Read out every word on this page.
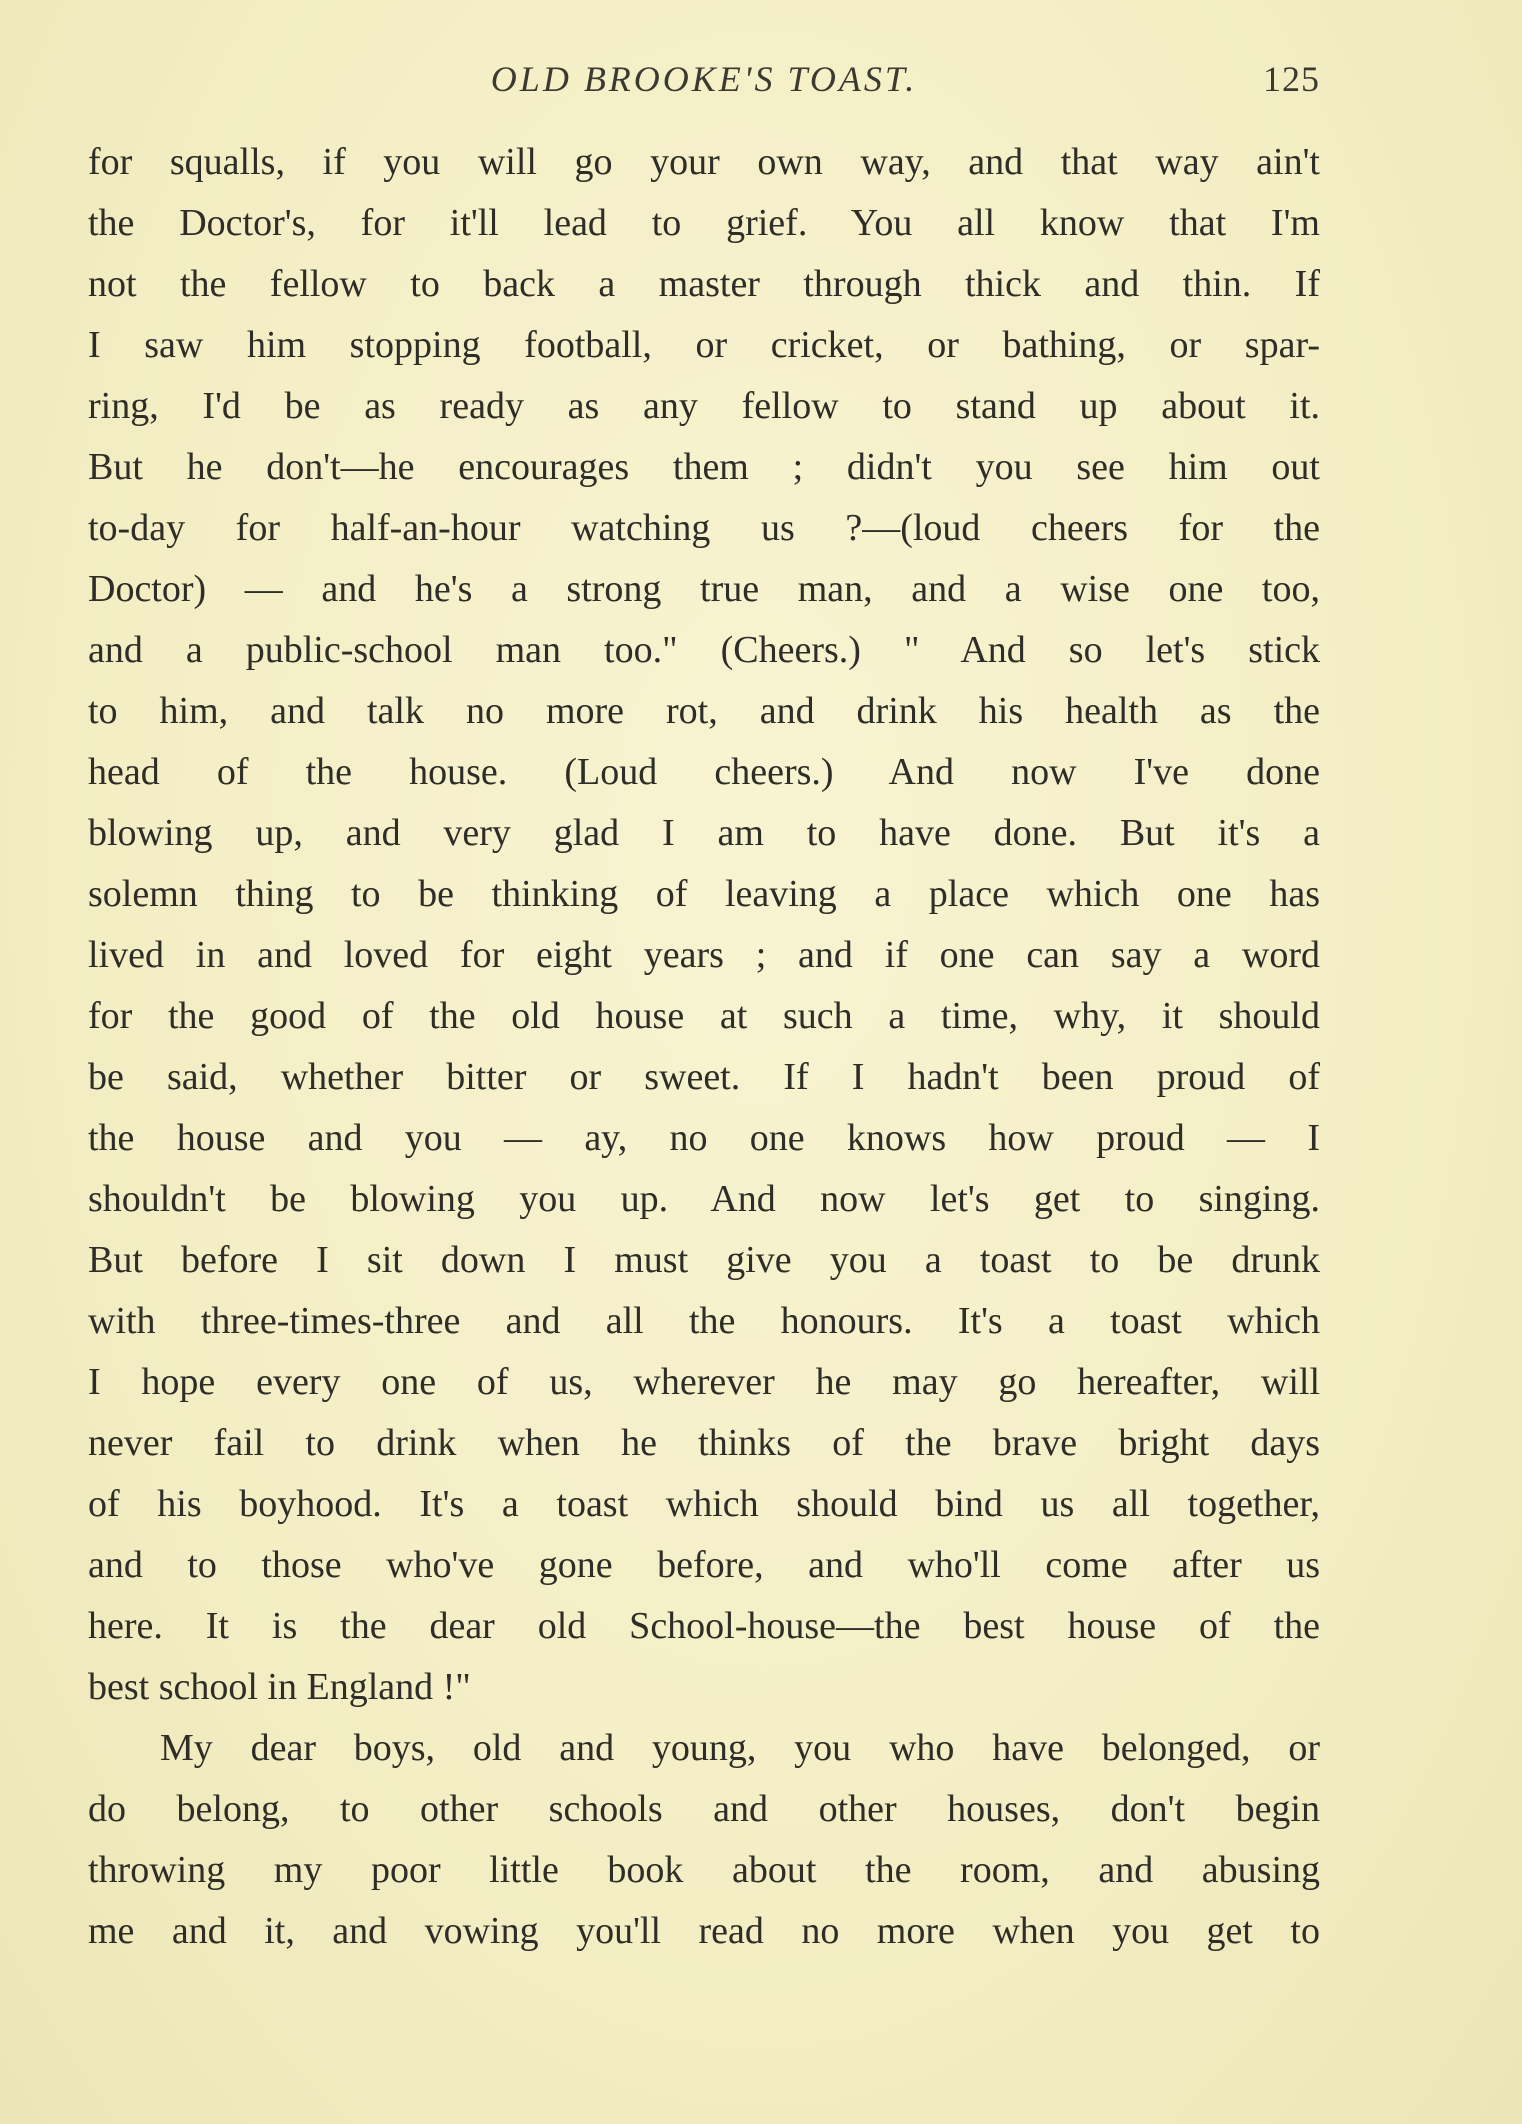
OLD BROOKE'S TOAST.	125
for squalls, if you will go your own way, and that way ain't
the Doctor's, for it'll lead to grief. You all know that I'm
not the fellow to back a master through thick and thin. If
I saw him stopping football, or cricket, or bathing, or spar-
ring, I'd be as ready as any fellow to stand up about it.
But he don't—he encourages them ; didn't you see him out
to-day for half-an-hour watching us ?—(loud cheers for the
Doctor) — and he's a strong true man, and a wise one too,
and a public-school man too." (Cheers.) " And so let's stick
to him, and talk no more rot, and drink his health as the
head of the house. (Loud cheers.) And now I've done
blowing up, and very glad I am to have done. But it's a
solemn thing to be thinking of leaving a place which one has
lived in and loved for eight years ; and if one can say a word
for the good of the old house at such a time, why, it should
be said, whether bitter or sweet. If I hadn't been proud of
the house and you — ay, no one knows how proud — I
shouldn't be blowing you up. And now let's get to singing.
But before I sit down I must give you a toast to be drunk
with three-times-three and all the honours. It's a toast which
I hope every one of us, wherever he may go hereafter, will
never fail to drink when he thinks of the brave bright days
of his boyhood. It's a toast which should bind us all together,
and to those who've gone before, and who'll come after us
here. It is the dear old School-house—the best house of the
best school in England !"
My dear boys, old and young, you who have belonged, or
do belong, to other schools and other houses, don't begin
throwing my poor little book about the room, and abusing
me and it, and vowing you'll read no more when you get to
